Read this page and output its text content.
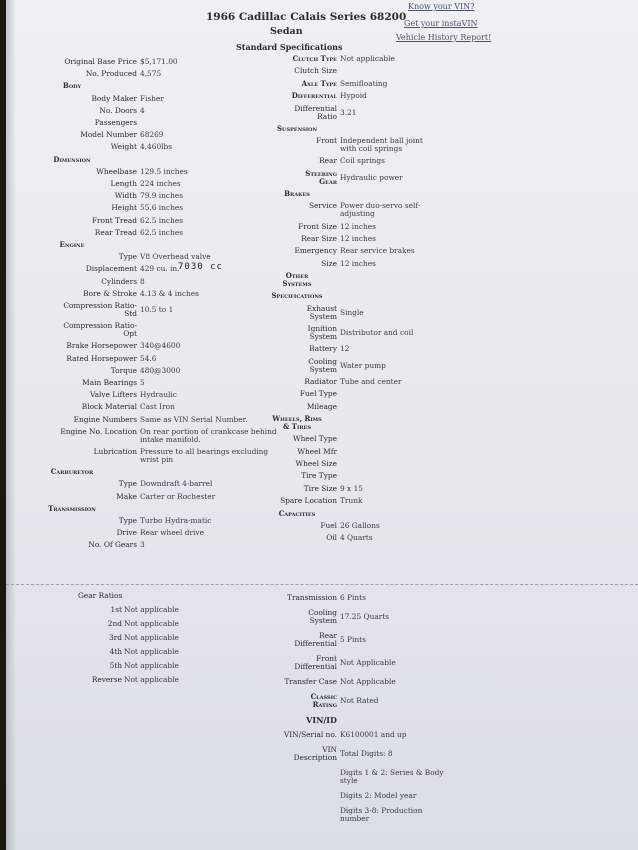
1966 Cadillac Calais Series 68200
Sedan
Standard Specifications
Know your VIN?
Get your instaVIN
Vehicle History Report!
7030 cc
Gear Ratios
Original Base Price $5,171.00
No. Produced 4,575
Body
Body Maker Fisher
No. Doors 4
Passengers
Model Number 68269
Weight 4,460lbs
Dimension
Wheelbase 129.5 inches
Length 224 inches
Width 79.9 inches
Height 55.6 inches
Front Tread 62.5 inches
Rear Tread 62.5 inches
Engine
Type V8 Overhead valve
Displacement 429 cu. in.
Cylinders 8
Bore & Stroke 4.13 & 4 inches
Compression Ratio-
Std 10.5 to 1
Compression Ratio-
Opt
Brake Horsepower 340@4600
Rated Horsepower 54.6
Torque 480@3000
Main Bearings 5
Valve Lifters Hydraulic
Block Material Cast Iron
Engine Numbers Same as VIN Serial Number.
Engine No. Location On rear portion of crankcase behind
intake manifold.
Lubrication Pressure to all bearings excluding
wrist pin
Carburetor
Type Downdraft 4-barrel
Make Carter or Rochester
Transmission
Type Turbo Hydra-matic
Drive Rear wheel drive
No. Of Gears 3
Clutch Type Not applicable
Clutch Size
Axle Type Semifloating
Differential Hypoid
Differential
Ratio 3.21
Suspension
Front Independent ball joint
with coil springs
Rear Coil springs
Steering
Gear Hydraulic power
Brakes
Service Power duo-servo self-
adjusting
Front Size 12 inches
Rear Size 12 inches
Emergency Rear service brakes
Size 12 inches
Other
Systems
Specifications
Exhaust
System Single
Ignition
System Distributor and coil
Battery 12
Cooling
System Water pump
Radiator Tube and center
Fuel Type
Mileage
Wheels, Rims
& Tires
Wheel Type
Wheel Mfr
Wheel Size
Tire Type
Tire Size 9 x 15
Spare Location Trunk
Capacities
Fuel 26 Gallons
Oil 4 Quarts
1st Not applicable
2nd Not applicable
3rd Not applicable
4th Not applicable
5th Not applicable
Reverse Not applicable
Transmission 6 Pints
Cooling
System 17.25 Quarts
Rear
Differential 5 Pints
Front
Differential Not Applicable
Transfer Case Not Applicable
Classic
Rating Not Rated
VIN/ID
VIN/Serial no. K6100001 and up
VIN
Description Total Digits: 8
Digits 1 & 2: Series & Body
style
Digits 2: Model year
Digits 3-8: Production
number
